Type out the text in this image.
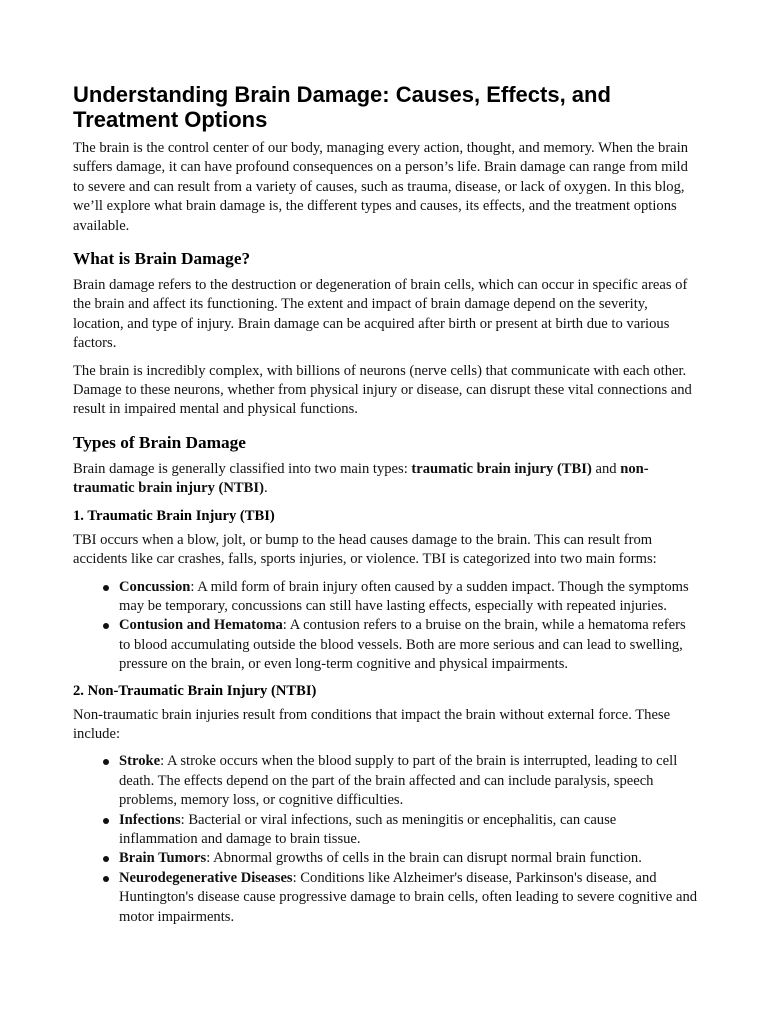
Understanding Brain Damage: Causes, Effects, and Treatment Options

The brain is the control center of our body, managing every action, thought, and memory. When the brain suffers damage, it can have profound consequences on a person’s life. Brain damage can range from mild to severe and can result from a variety of causes, such as trauma, disease, or lack of oxygen. In this blog, we’ll explore what brain damage is, the different types and causes, its effects, and the treatment options available.

What is Brain Damage?

Brain damage refers to the destruction or degeneration of brain cells, which can occur in specific areas of the brain and affect its functioning. The extent and impact of brain damage depend on the severity, location, and type of injury. Brain damage can be acquired after birth or present at birth due to various factors.

The brain is incredibly complex, with billions of neurons (nerve cells) that communicate with each other. Damage to these neurons, whether from physical injury or disease, can disrupt these vital connections and result in impaired mental and physical functions.

Types of Brain Damage

Brain damage is generally classified into two main types: traumatic brain injury (TBI) and non-traumatic brain injury (NTBI).

1. Traumatic Brain Injury (TBI)

TBI occurs when a blow, jolt, or bump to the head causes damage to the brain. This can result from accidents like car crashes, falls, sports injuries, or violence. TBI is categorized into two main forms:

Concussion: A mild form of brain injury often caused by a sudden impact. Though the symptoms may be temporary, concussions can still have lasting effects, especially with repeated injuries.
Contusion and Hematoma: A contusion refers to a bruise on the brain, while a hematoma refers to blood accumulating outside the blood vessels. Both are more serious and can lead to swelling, pressure on the brain, or even long-term cognitive and physical impairments.
2. Non-Traumatic Brain Injury (NTBI)

Non-traumatic brain injuries result from conditions that impact the brain without external force. These include:

Stroke: A stroke occurs when the blood supply to part of the brain is interrupted, leading to cell death. The effects depend on the part of the brain affected and can include paralysis, speech problems, memory loss, or cognitive difficulties.
Infections: Bacterial or viral infections, such as meningitis or encephalitis, can cause inflammation and damage to brain tissue.
Brain Tumors: Abnormal growths of cells in the brain can disrupt normal brain function.
Neurodegenerative Diseases: Conditions like Alzheimer's disease, Parkinson's disease, and Huntington's disease cause progressive damage to brain cells, often leading to severe cognitive and motor impairments.
